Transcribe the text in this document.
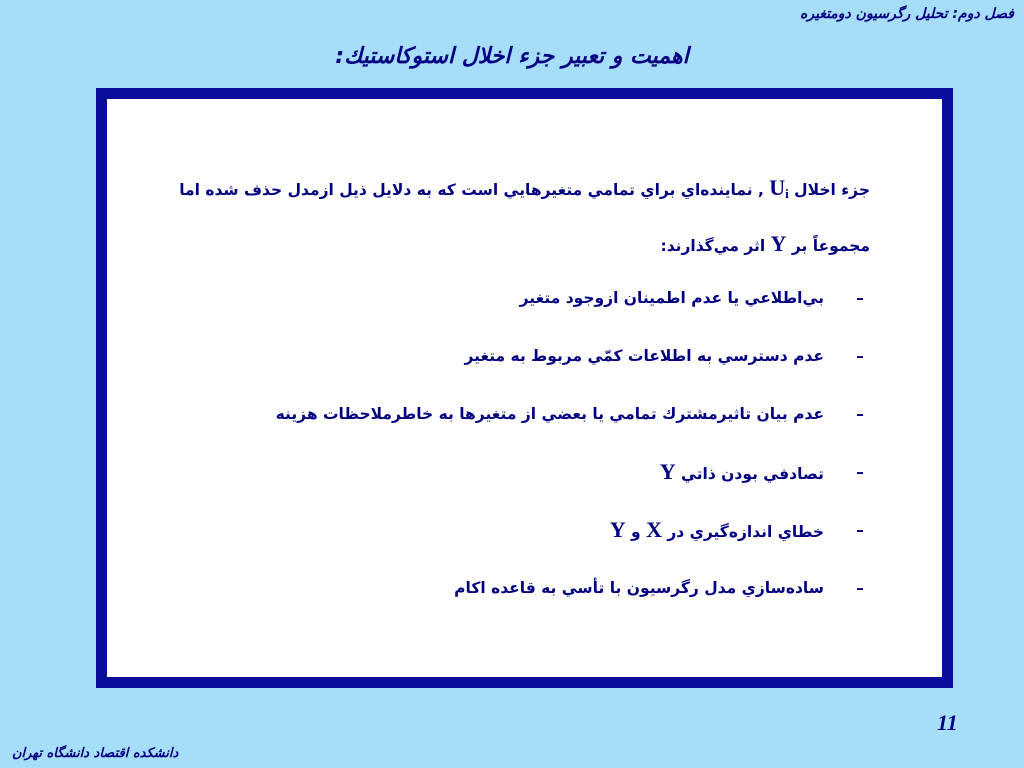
فصل دوم: تحليل رگرسيون دومتغيره
اهميت و تعبير جزء اخلال استوكاستيك:
جزء اخلال $U_i$ , نماينده‌اي براي تمامي متغيرهايي است كه به دلايل ذيل ازمدل حذف شده اما
مجموعاً بر Y اثر مي‌گذارند:
–
بي‌اطلاعي يا عدم اطمينان ازوجود متغير
–
عدم دسترسي به اطلاعات كمّي مربوط به متغير
–
عدم بيان تاثيرمشترك تمامي يا بعضي از متغيرها به خاطرملاحظات هزينه
–
تصادفي بودن ذاتي Y
–
خطاي اندازه‌گيري در X و Y
–
ساده‌سازي مدل رگرسيون با تأسي به قاعده اكام
11
دانشكده اقتصاد دانشگاه تهران
